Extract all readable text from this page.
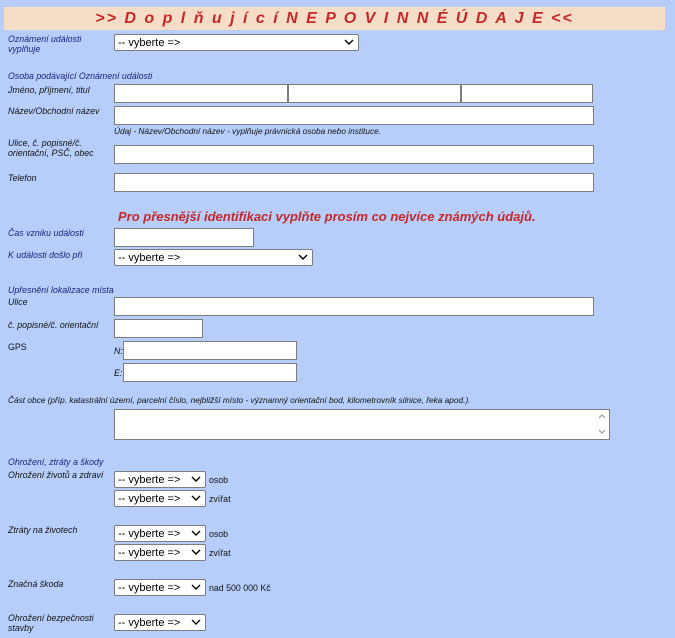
>> D o p l ň u j í c í N E P O V I N N É Ú D A J E <<
Oznámení události vyplňuje
-- vyberte =>
Osoba podávající Oznámení události
Jméno, příjmení, titul
Název/Obchodní název
Údaj - Název/Obchodní název - vyplňuje právnická osoba nebo instituce.
Ulice, č. popisné/č. orientační, PSČ, obec
Telefon
Pro přesnější identifikaci vyplňte prosím co nejvíce známých údajů.
Čas vzniku události
K události došlo při	-- vyberte =>
Upřesnění lokalizace místa
Ulice
č. popisné/č. orientační
GPS	N:
E:
Část obce (příp. katastrální území, parcelní číslo, nejbližší místo - významný orientační bod, kilometrovník silnice, řeka apod.).
Ohrožení, ztráty a škody
Ohrožení životů a zdraví	-- vyberte =>	osob
-- vyberte =>	zvířat
Ztráty na životech	-- vyberte =>	osob
-- vyberte =>	zvířat
Značná škoda	-- vyberte =>	nad 500 000 Kč
Ohrožení bezpečnosti stavby	-- vyberte =>
